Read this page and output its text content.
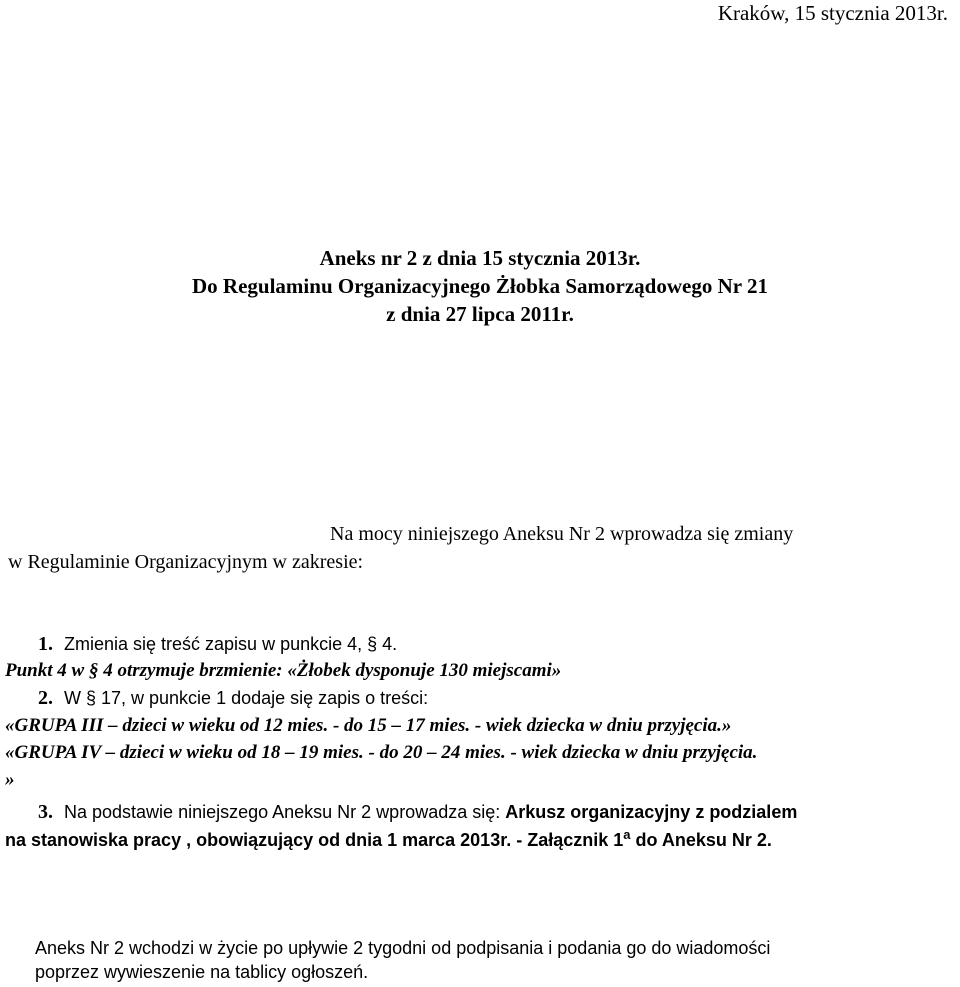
Kraków, 15 stycznia 2013r.
Aneks nr 2 z dnia 15 stycznia 2013r.
Do Regulaminu Organizacyjnego Żłobka Samorządowego Nr 21
z dnia 27 lipca 2011r.
Na mocy niniejszego Aneksu Nr 2 wprowadza się zmiany
w Regulaminie Organizacyjnym w zakresie:
1. Zmienia się treść zapisu w punkcie 4, § 4.
Punkt 4 w § 4 otrzymuje brzmienie: «Żłobek dysponuje 130 miejscami»
2. W § 17, w punkcie 1 dodaje się zapis o treści:
«GRUPA III – dzieci w wieku od 12 mies. - do 15 – 17 mies. - wiek dziecka w dniu przyjęcia.»
«GRUPA IV – dzieci w wieku od 18 – 19 mies. - do 20 – 24 mies. - wiek dziecka w dniu przyjęcia.
»
3. Na podstawie niniejszego Aneksu Nr 2 wprowadza się: Arkusz organizacyjny z podzialem
na stanowiska pracy , obowiązujący od dnia 1 marca 2013r. - Załącznik 1$^a$ do Aneksu Nr 2.
Aneks Nr 2 wchodzi w życie po upływie 2 tygodni od podpisania i podania go do wiadomości
poprzez wywieszenie na tablicy ogłoszeń.
